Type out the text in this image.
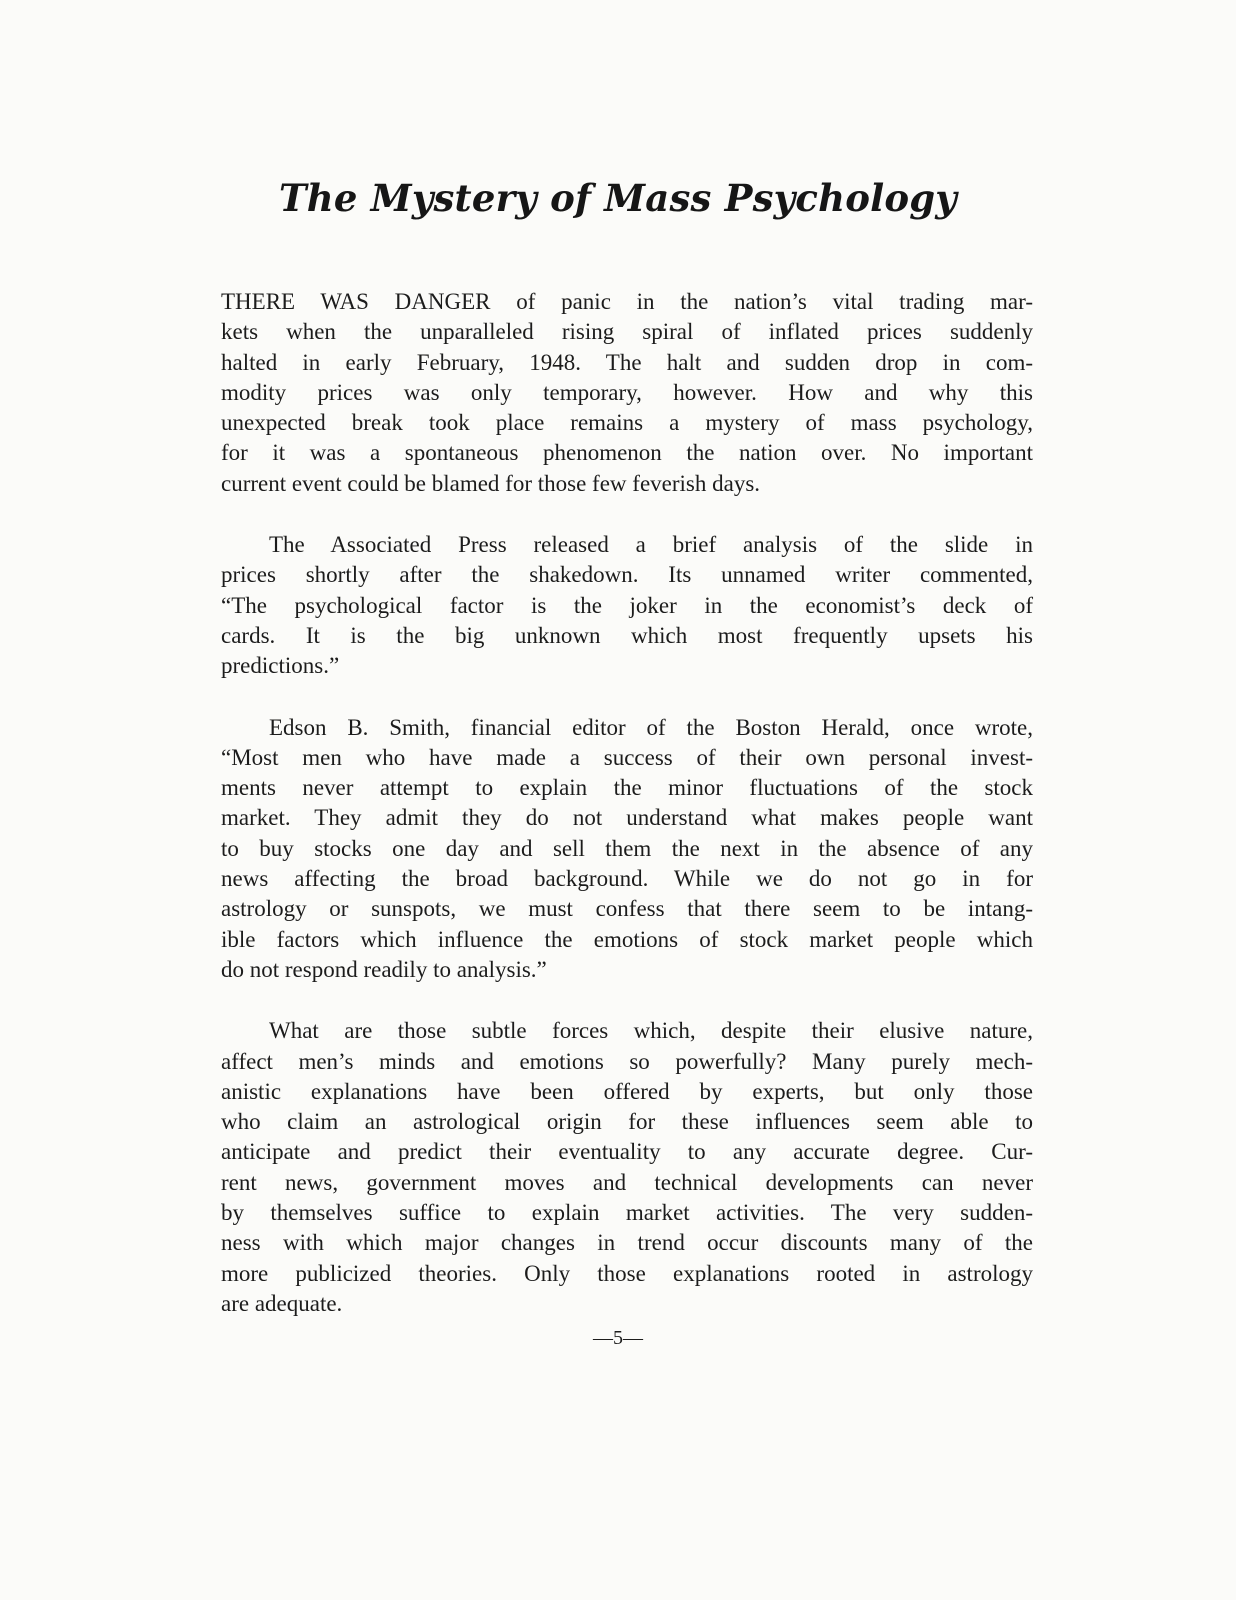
The Mystery of Mass Psychology

THERE WAS DANGER of panic in the nation’s vital trading mar-
kets when the unparalleled rising spiral of inflated prices suddenly
halted in early February, 1948. The halt and sudden drop in com-
modity prices was only temporary, however. How and why this
unexpected break took place remains a mystery of mass psychology,
for it was a spontaneous phenomenon the nation over. No important
current event could be blamed for those few feverish days.

The Associated Press released a brief analysis of the slide in
prices shortly after the shakedown. Its unnamed writer commented,
“The psychological factor is the joker in the economist’s deck of
cards. It is the big unknown which most frequently upsets his
predictions.”

Edson B. Smith, financial editor of the Boston Herald, once wrote,
“Most men who have made a success of their own personal invest-
ments never attempt to explain the minor fluctuations of the stock
market. They admit they do not understand what makes people want
to buy stocks one day and sell them the next in the absence of any
news affecting the broad background. While we do not go in for
astrology or sunspots, we must confess that there seem to be intang-
ible factors which influence the emotions of stock market people which
do not respond readily to analysis.”

What are those subtle forces which, despite their elusive nature,
affect men’s minds and emotions so powerfully? Many purely mech-
anistic explanations have been offered by experts, but only those
who claim an astrological origin for these influences seem able to
anticipate and predict their eventuality to any accurate degree. Cur-
rent news, government moves and technical developments can never
by themselves suffice to explain market activities. The very sudden-
ness with which major changes in trend occur discounts many of the
more publicized theories. Only those explanations rooted in astrology
are adequate.

—5—
